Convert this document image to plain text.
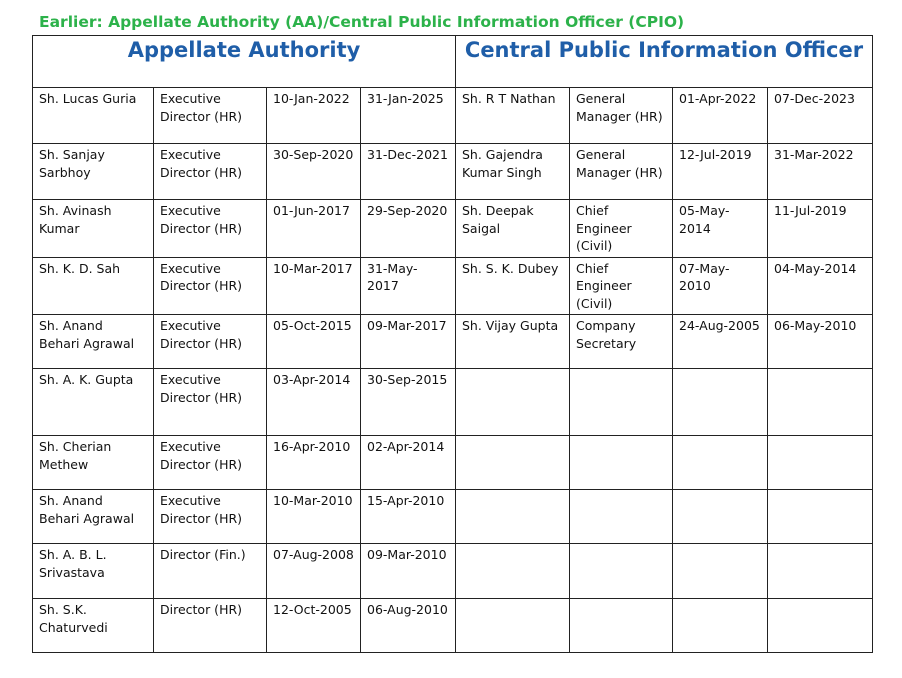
Earlier: Appellate Authority (AA)/Central Public Information Officer (CPIO)
Appellate Authority				Central Public Information Officer			
Sh. Lucas Guria	Executive Director (HR)	10-Jan-2022	31-Jan-2025	Sh. R T Nathan	General Manager (HR)	01-Apr-2022	07-Dec-2023
Sh. Sanjay Sarbhoy	Executive Director (HR)	30-Sep-2020	31-Dec-2021	Sh. Gajendra Kumar Singh	General Manager (HR)	12-Jul-2019	31-Mar-2022
Sh. Avinash Kumar	Executive Director (HR)	01-Jun-2017	29-Sep-2020	Sh. Deepak Saigal	Chief Engineer (Civil)	05-May-2014	11-Jul-2019
Sh. K. D. Sah	Executive Director (HR)	10-Mar-2017	31-May-2017	Sh. S. K. Dubey	Chief Engineer (Civil)	07-May-2010	04-May-2014
Sh. Anand Behari Agrawal	Executive Director (HR)	05-Oct-2015	09-Mar-2017	Sh. Vijay Gupta	Company Secretary	24-Aug-2005	06-May-2010
Sh. A. K. Gupta	Executive Director (HR)	03-Apr-2014	30-Sep-2015				
Sh. Cherian Methew	Executive Director (HR)	16-Apr-2010	02-Apr-2014				
Sh. Anand Behari Agrawal	Executive Director (HR)	10-Mar-2010	15-Apr-2010				
Sh. A. B. L. Srivastava	Director (Fin.)	07-Aug-2008	09-Mar-2010				
Sh. S.K. Chaturvedi	Director (HR)	12-Oct-2005	06-Aug-2010				
